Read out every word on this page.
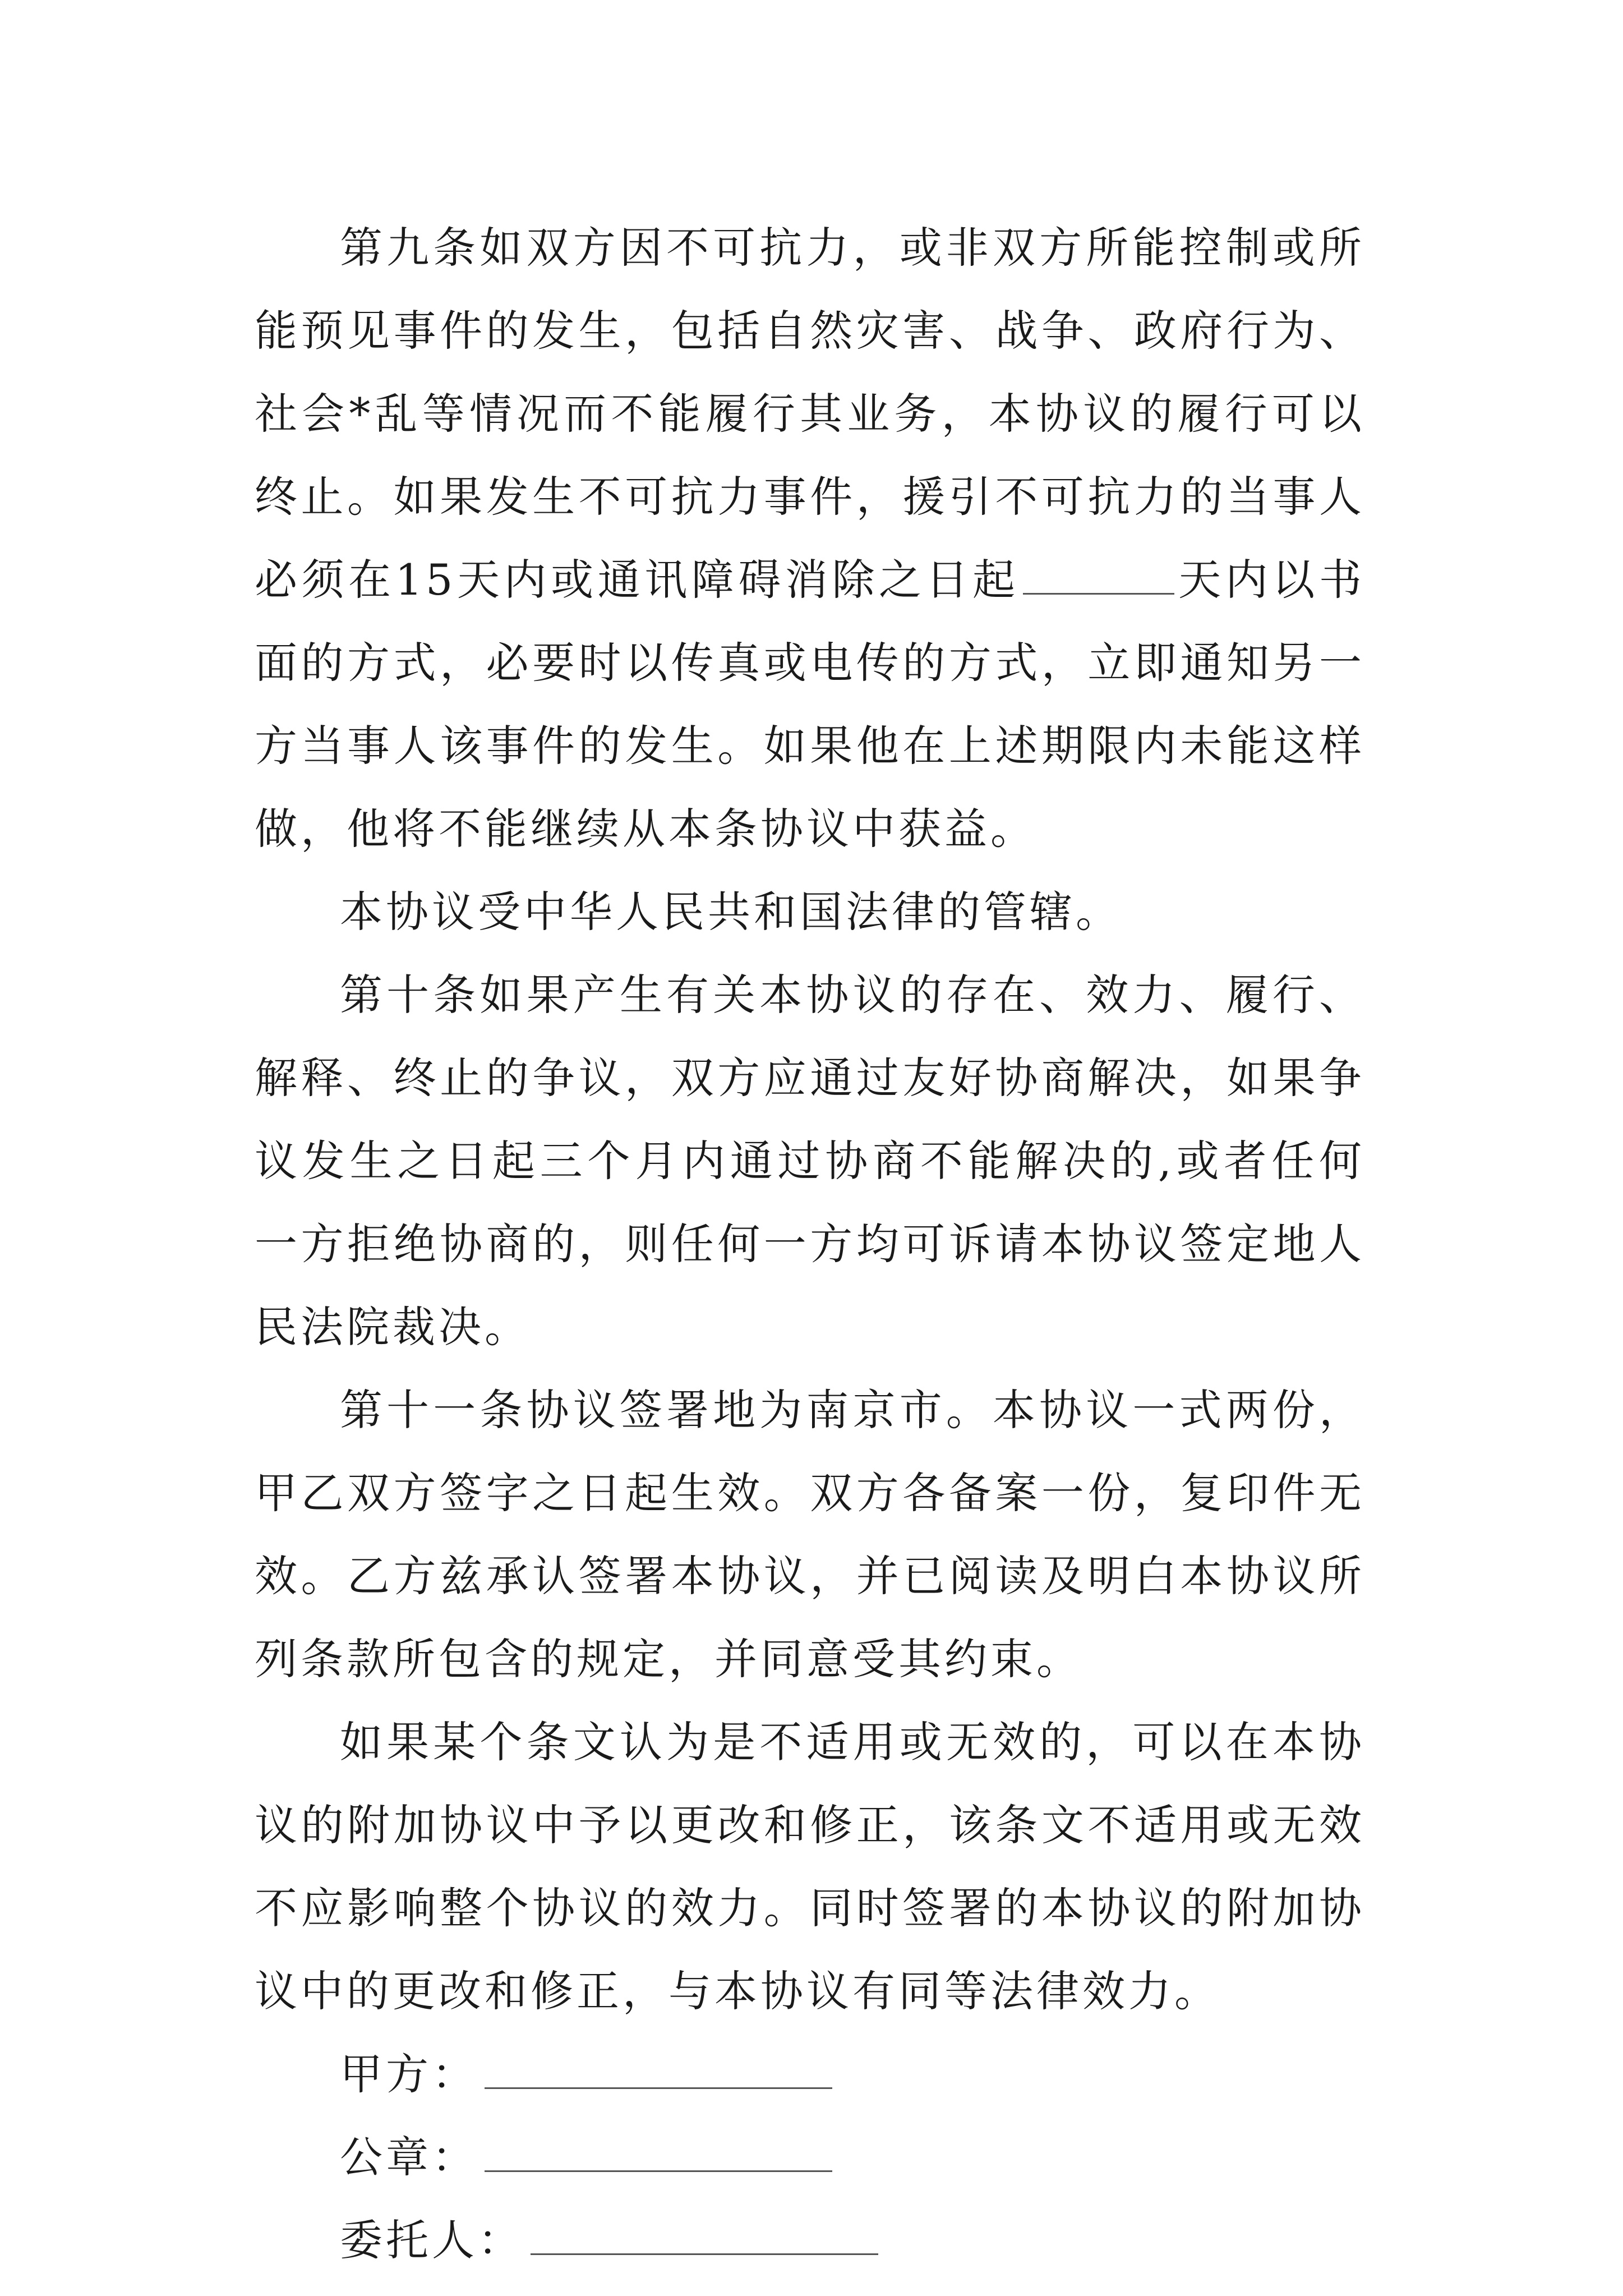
第九条如双方因不可抗力，或非双方所能控制或所能预见事件的发生，包括自然灾害、战争、政府行为、社会*乱等情况而不能履行其业务，本协议的履行可以终止。如果发生不可抗力事件，援引不可抗力的当事人必须在15天内或通讯障碍消除之日起	天内以书面的方式，必要时以传真或电传的方式，立即通知另一方当事人该事件的发生。如果他在上述期限内未能这样做，他将不能继续从本条协议中获益。

本协议受中华人民共和国法律的管辖。

第十条如果产生有关本协议的存在、效力、履行、解释、终止的争议，双方应通过友好协商解决，如果争议发生之日起三个月内通过协商不能解决的,或者任何一方拒绝协商的，则任何一方均可诉请本协议签定地人民法院裁决。

第十一条协议签署地为南京市。本协议一式两份，甲乙双方签字之日起生效。双方各备案一份，复印件无效。乙方兹承认签署本协议，并已阅读及明白本协议所列条款所包含的规定，并同意受其约束。

如果某个条文认为是不适用或无效的，可以在本协议的附加协议中予以更改和修正，该条文不适用或无效不应影响整个协议的效力。同时签署的本协议的附加协议中的更改和修正，与本协议有同等法律效力。

甲方：

公章：

委托人：
